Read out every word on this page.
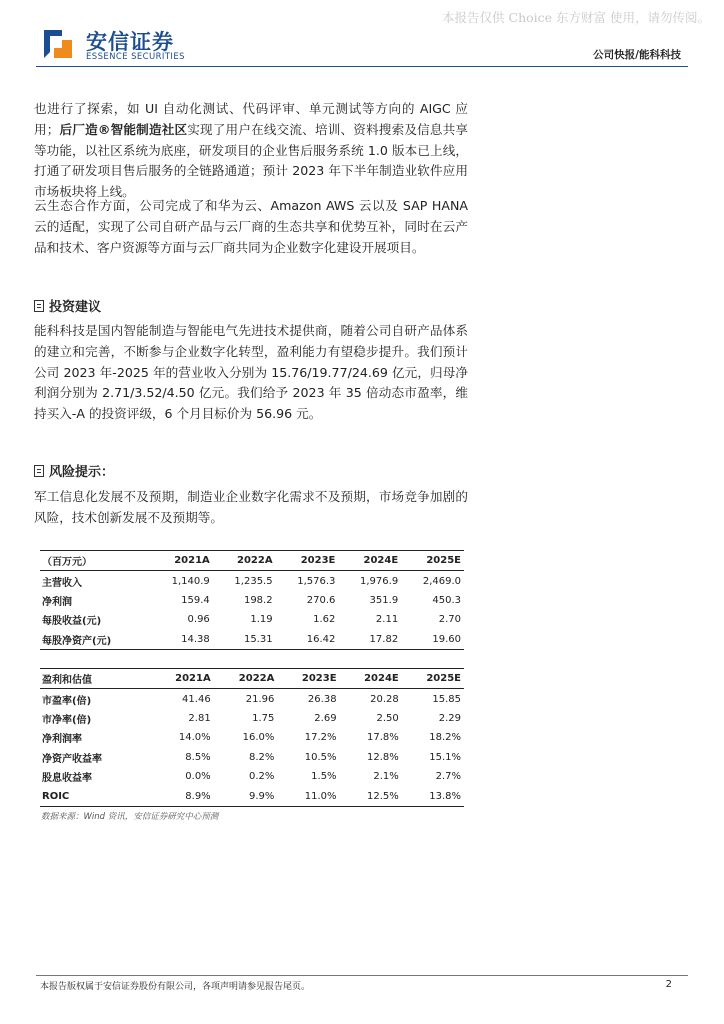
本报告仅供 Choice 东方财富 使用，请勿传阅。
安信证券
ESSENCE SECURITIES	公司快报/能科科技
也进行了探索，如 UI 自动化测试、代码评审、单元测试等方向的 AIGC 应用；后厂造®智能制造社区实现了用户在线交流、培训、资料搜索及信息共享等功能，以社区系统为底座，研发项目的企业售后服务系统 1.0 版本已上线，打通了研发项目售后服务的全链路通道；预计 2023 年下半年制造业软件应用市场板块将上线。
云生态合作方面，公司完成了和华为云、Amazon AWS 云以及 SAP HANA 云的适配，实现了公司自研产品与云厂商的生态共享和优势互补，同时在云产品和技术、客户资源等方面与云厂商共同为企业数字化建设开展项目。
投资建议
能科科技是国内智能制造与智能电气先进技术提供商，随着公司自研产品体系的建立和完善，不断参与企业数字化转型，盈利能力有望稳步提升。我们预计公司 2023 年-2025 年的营业收入分别为 15.76/19.77/24.69 亿元，归母净利润分别为 2.71/3.52/4.50 亿元。我们给予 2023 年 35 倍动态市盈率，维持买入-A 的投资评级，6 个月目标价为 56.96 元。
风险提示：
军工信息化发展不及预期，制造业企业数字化需求不及预期，市场竞争加剧的风险，技术创新发展不及预期等。
（百万元）	2021A	2022A	2023E	2024E	2025E
主营收入	1,140.9	1,235.5	1,576.3	1,976.9	2,469.0
净利润	159.4	198.2	270.6	351.9	450.3
每股收益(元)	0.96	1.19	1.62	2.11	2.70
每股净资产(元)	14.38	15.31	16.42	17.82	19.60
盈利和估值	2021A	2022A	2023E	2024E	2025E
市盈率(倍)	41.46	21.96	26.38	20.28	15.85
市净率(倍)	2.81	1.75	2.69	2.50	2.29
净利润率	14.0%	16.0%	17.2%	17.8%	18.2%
净资产收益率	8.5%	8.2%	10.5%	12.8%	15.1%
股息收益率	0.0%	0.2%	1.5%	2.1%	2.7%
ROIC	8.9%	9.9%	11.0%	12.5%	13.8%
数据来源：Wind 资讯，安信证券研究中心预测
本报告版权属于安信证券股份有限公司，各项声明请参见报告尾页。	2
